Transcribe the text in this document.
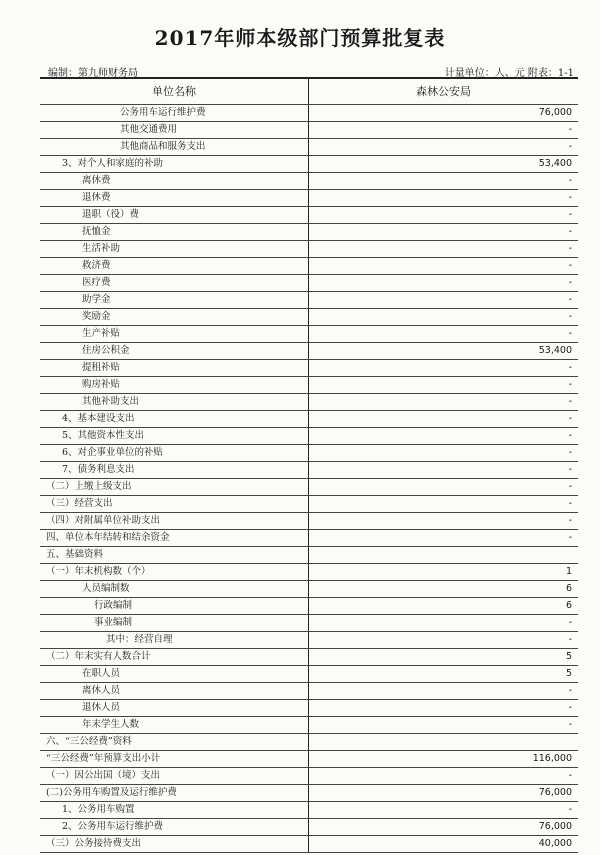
2017年师本级部门预算批复表
编制：第九师财务局	计量单位：人、元 附表：1-1
单位名称	森林公安局
公务用车运行维护费	76,000
其他交通费用	-
其他商品和服务支出	-
3、对个人和家庭的补助	53,400
离休费	-
退休费	-
退职（役）费	-
抚恤金	-
生活补助	-
救济费	-
医疗费	-
助学金	-
奖励金	-
生产补贴	-
住房公积金	53,400
提租补贴	-
购房补贴	-
其他补助支出	-
4、基本建设支出	-
5、其他资本性支出	-
6、对企事业单位的补贴	-
7、债务利息支出	-
（二）上缴上级支出	-
（三）经营支出	-
（四）对附属单位补助支出	-
四、单位本年结转和结余资金	-
五、基础资料
（一）年末机构数（个）	1
人员编制数	6
行政编制	6
事业编制	-
其中：经营自理	-
（二）年末实有人数合计	5
在职人员	5
离休人员	-
退休人员	-
年末学生人数	-
六、“三公经费”资料
“三公经费”年预算支出小计	116,000
（一）因公出国（境）支出	-
(二)公务用车购置及运行维护费	76,000
1、公务用车购置	-
2、公务用车运行维护费	76,000
（三）公务接待费支出	40,000
